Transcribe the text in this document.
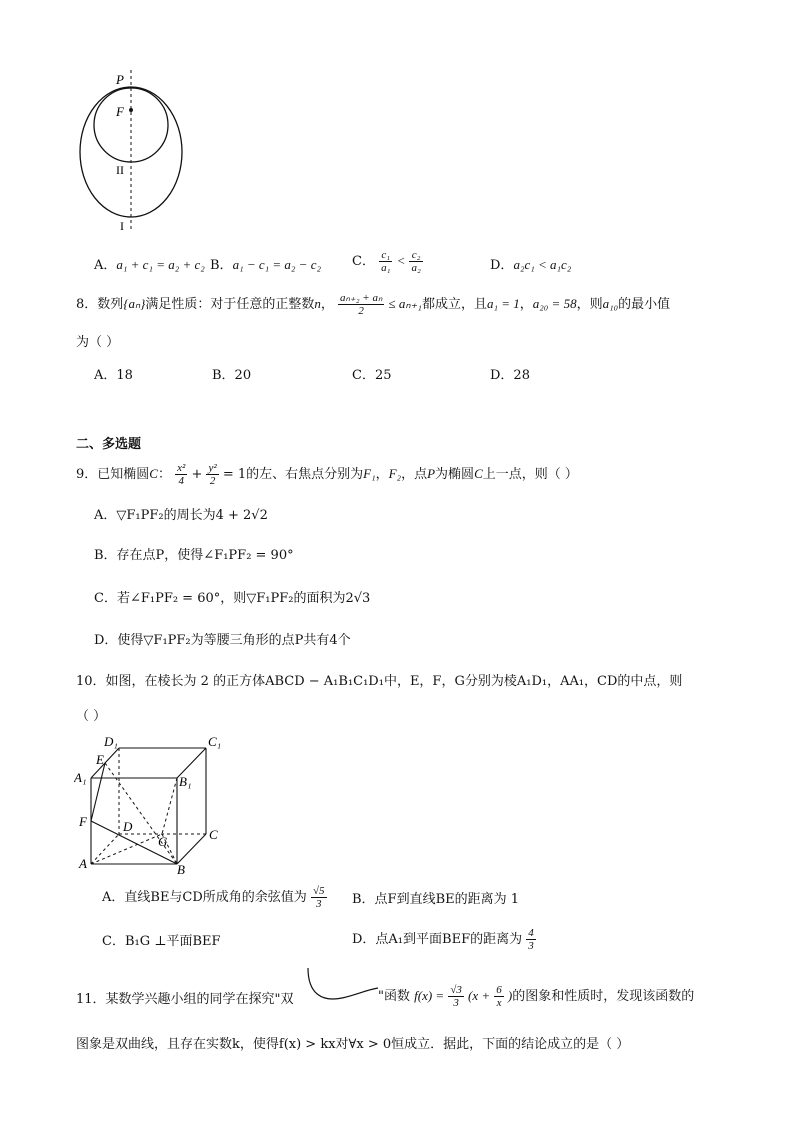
P
F
II
I
A．a₁ + c₁ = a₂ + c₂ B．a₁ − c₁ = a₂ − c₂ C． $\frac{\text{c₁}}{\text{a₁}} < \frac{\text{c₂}}{\text{a₂}}$	D．a₂c₁ < a₁c₂
8．数列{aₙ}满足性质：对于任意的正整数n， $\frac{\text{aₙ₊₂ + aₙ}}{2} \le a_{n+1}$都成立，且a₁ = 1，a₂₀ = 58，则a₁₀的最小值
为（ ）
A．18	B．20	C．25	D．28
二、多选题
9．已知椭圆C： $\frac{\text{x²}}{4} + \frac{\text{y²}}{2} = 1$的左、右焦点分别为F₁，F₂，点P为椭圆C上一点，则（ ）
A．▽F₁PF₂的周长为4 + 2√2
B．存在点P，使得∠F₁PF₂ = 90°
C．若∠F₁PF₂ = 60°，则▽F₁PF₂的面积为2√3
D．使得▽F₁PF₂为等腰三角形的点P共有4个
10．如图，在棱长为 2 的正方体ABCD − A₁B₁C₁D₁中，E，F，G分别为棱A₁D₁，AA₁，CD的中点，则
（ ）
D₁	C₁
E
A₁	B₁
F	D
G	C
A	B
A．直线BE与CD所成角的余弦值为 $\frac{√5}{3}$ B．点F到直线BE的距离为 1
C．B₁G ⊥平面BEF	D．点A₁到平面BEF的距离为 $\frac{4}{3}$
11．某数学兴趣小组的同学在探究"双	"函数 $f(x) = \frac{√3}{3} (x + \frac{6}{x}$ )的图象和性质时，发现该函数的
图象是双曲线，且存在实数k，使得f(x) > kx对∀x > 0恒成立．据此，下面的结论成立的是（ ）
